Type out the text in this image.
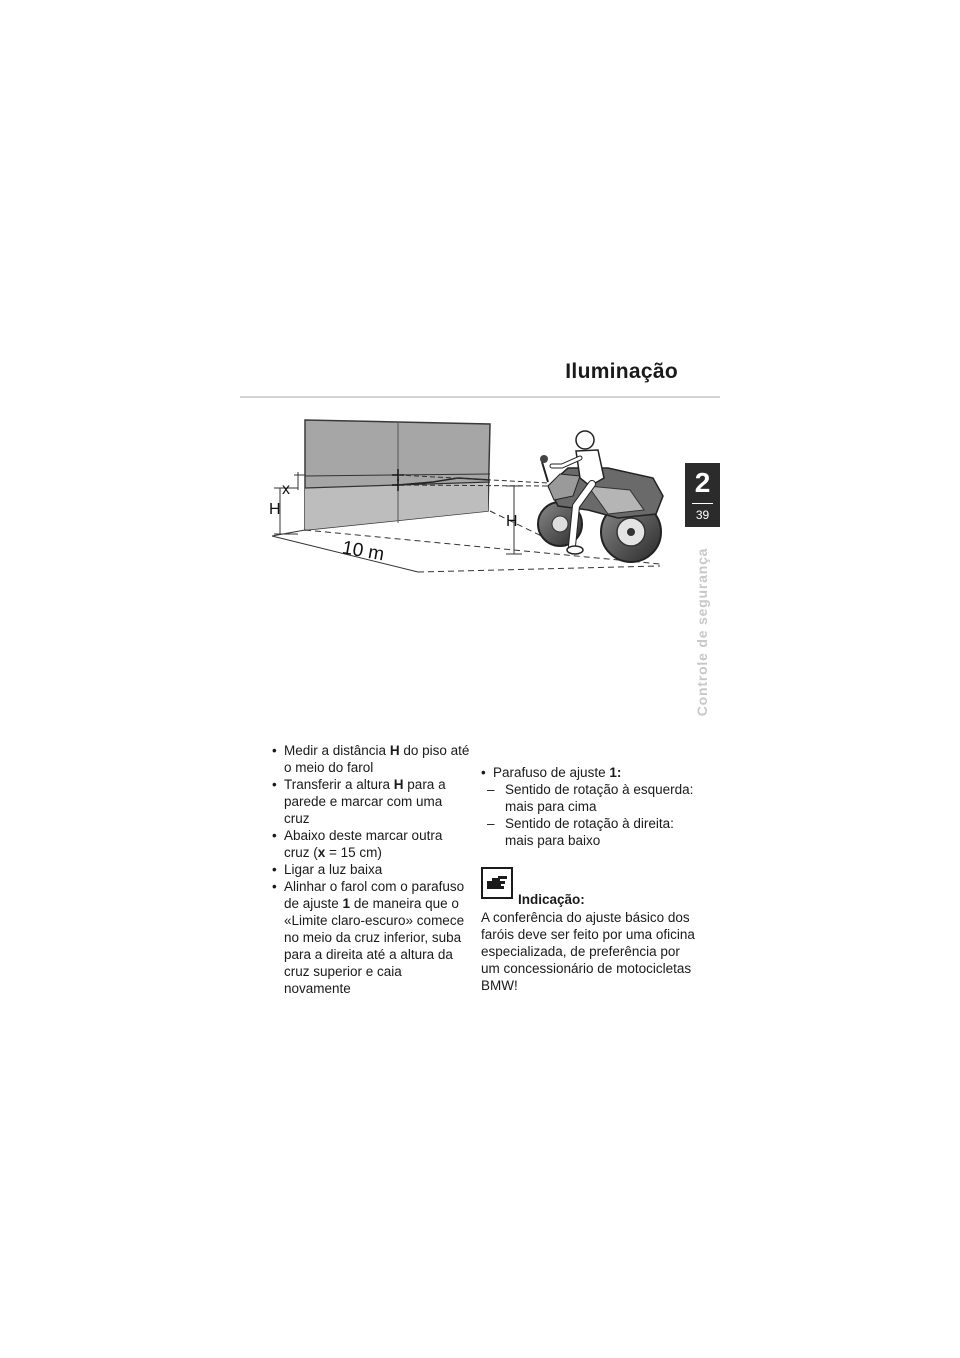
Iluminação
2
39
Controle de segurança
H
x
H
10 m
• Medir a distância H do piso até o meio do farol
• Transferir a altura H para a parede e marcar com uma cruz
• Abaixo deste marcar outra cruz (x = 15 cm)
• Ligar a luz baixa
• Alinhar o farol com o parafuso de ajuste 1 de maneira que o «Limite claro-escuro» comece no meio da cruz inferior, suba para a direita até a altura da cruz superior e caia novamente
• Parafuso de ajuste 1:
– Sentido de rotação à esquerda: mais para cima
– Sentido de rotação à direita: mais para baixo
Indicação:
A conferência do ajuste básico dos faróis deve ser feito por uma oficina especializada, de preferência por um concessionário de motocicletas BMW!
